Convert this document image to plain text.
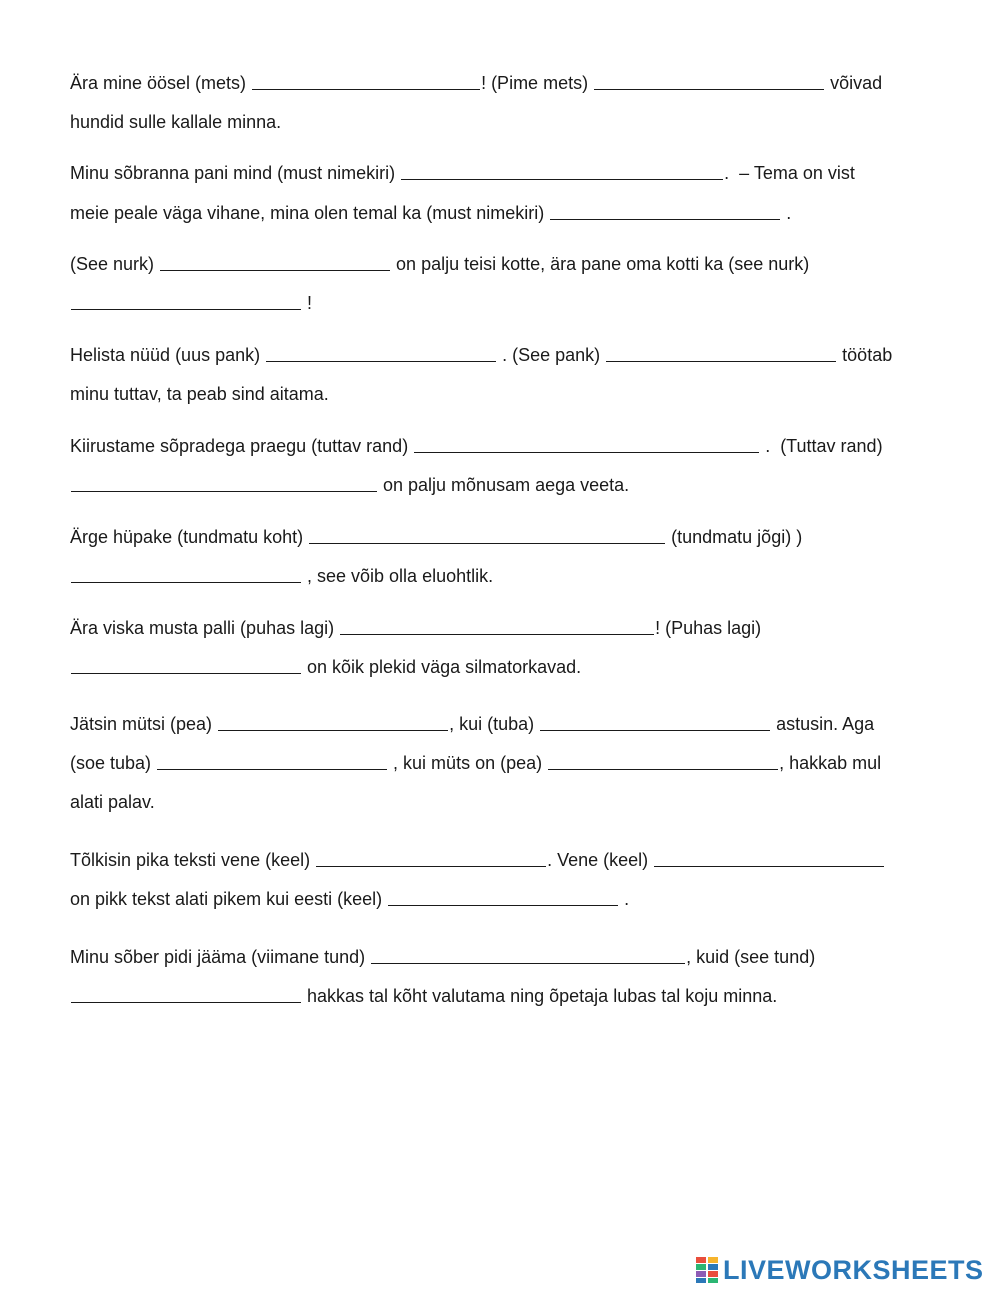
Ära mine öösel (mets)	! (Pime mets)	võivad
hundid sulle kallale minna.
Minu sõbranna pani mind (must nimekiri)	.  – Tema on vist
meie peale väga vihane, mina olen temal ka (must nimekiri)	.
(See nurk)	on palju teisi kotte, ära pane oma kotti ka (see nurk)
!
Helista nüüd (uus pank)	. (See pank)	töötab
minu tuttav, ta peab sind aitama.
Kiirustame sõpradega praegu (tuttav rand)	.  (Tuttav rand)
on palju mõnusam aega veeta.
Ärge hüpake (tundmatu koht)	(tundmatu jõgi) )
, see võib olla eluohtlik.
Ära viska musta palli (puhas lagi)	! (Puhas lagi)
on kõik plekid väga silmatorkavad.
Jätsin mütsi (pea)	, kui (tuba)	astusin. Aga
(soe tuba)	, kui müts on (pea)	, hakkab mul
alati palav.
Tõlkisin pika teksti vene (keel)	. Vene (keel)
on pikk tekst alati pikem kui eesti (keel)	.
Minu sõber pidi jääma (viimane tund)	, kuid (see tund)
hakkas tal kõht valutama ning õpetaja lubas tal koju minna.
LIVEWORKSHEETS
